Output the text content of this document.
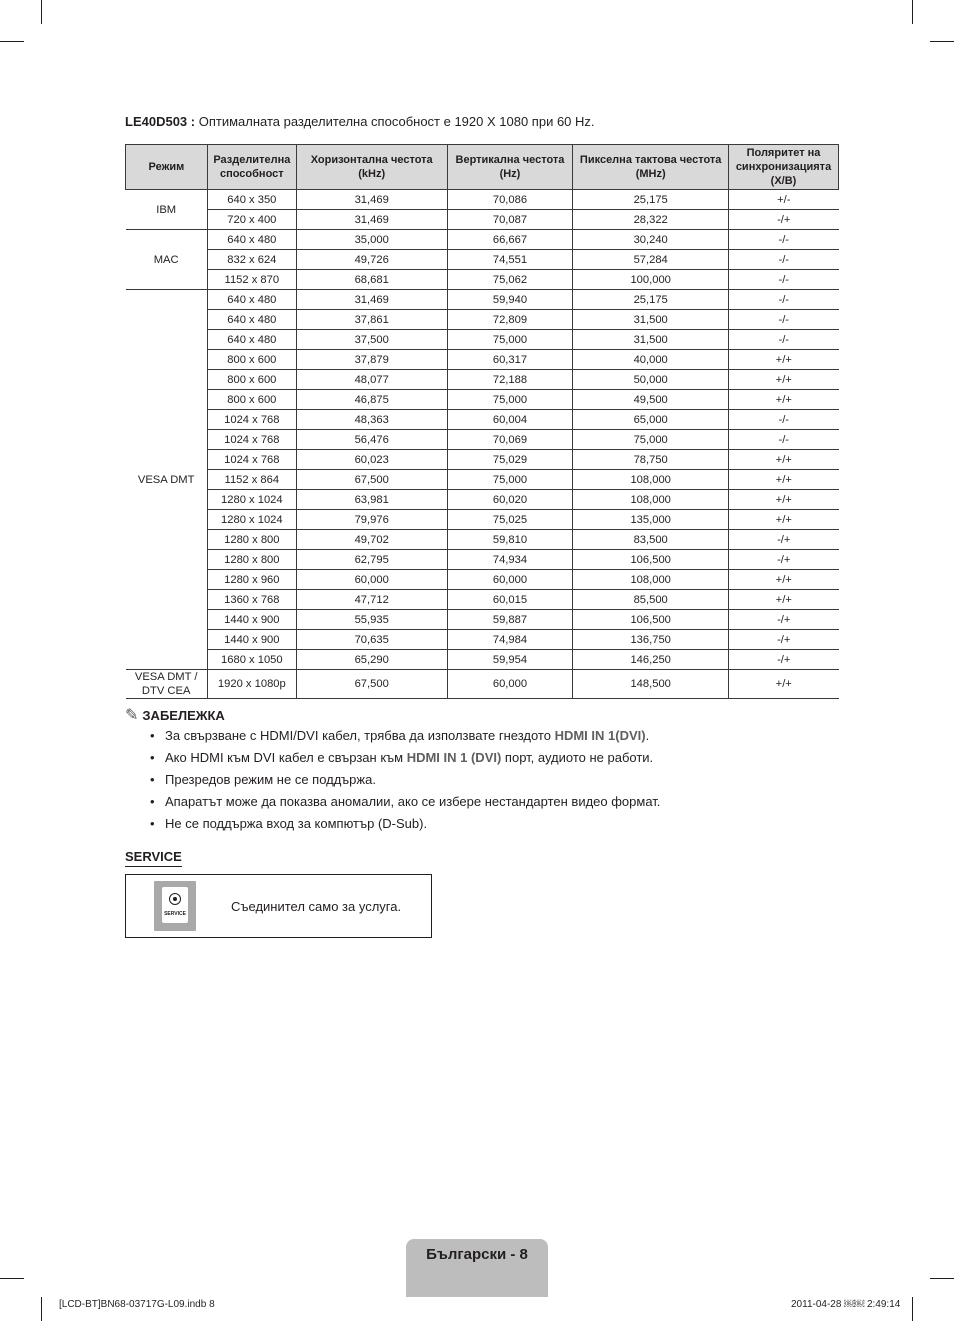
LE40D503 : Оптималната разделителна способност е 1920 X 1080 при 60 Hz.
Режим	Разделителна способност	Хоризонтална честота (kHz)	Вертикална честота (Hz)	Пикселна тактова честота (MHz)	Поляритет на синхронизацията (Х/В)
IBM	640 x 350	31,469	70,086	25,175	+/-
	720 x 400	31,469	70,087	28,322	-/+
MAC	640 x 480	35,000	66,667	30,240	-/-
	832 x 624	49,726	74,551	57,284	-/-
	1152 x 870	68,681	75,062	100,000	-/-
VESA DMT	640 x 480	31,469	59,940	25,175	-/-
	640 x 480	37,861	72,809	31,500	-/-
	640 x 480	37,500	75,000	31,500	-/-
	800 x 600	37,879	60,317	40,000	+/+
	800 x 600	48,077	72,188	50,000	+/+
	800 x 600	46,875	75,000	49,500	+/+
	1024 x 768	48,363	60,004	65,000	-/-
	1024 x 768	56,476	70,069	75,000	-/-
	1024 x 768	60,023	75,029	78,750	+/+
	1152 x 864	67,500	75,000	108,000	+/+
	1280 x 1024	63,981	60,020	108,000	+/+
	1280 x 1024	79,976	75,025	135,000	+/+
	1280 x 800	49,702	59,810	83,500	-/+
	1280 x 800	62,795	74,934	106,500	-/+
	1280 x 960	60,000	60,000	108,000	+/+
	1360 x 768	47,712	60,015	85,500	+/+
	1440 x 900	55,935	59,887	106,500	-/+
	1440 x 900	70,635	74,984	136,750	-/+
	1680 x 1050	65,290	59,954	146,250	-/+
VESA DMT / DTV CEA	1920 x 1080p	67,500	60,000	148,500	+/+
✎ ЗАБЕЛЕЖКА
• За свързване с HDMI/DVI кабел, трябва да използвате гнездото HDMI IN 1(DVI).
• Ако HDMI към DVI кабел е свързан към HDMI IN 1 (DVI) порт, аудиото не работи.
• Презредов режим не се поддържа.
• Апаратът може да показва аномалии, ако се избере нестандартен видео формат.
• Не се поддържа вход за компютър (D-Sub).
SERVICE
SERVICE	Съединител само за услуга.
Български - 8
[LCD-BT]BN68-03717G-L09.indb 8	2011-04-28 ￼￼ 2:49:14
